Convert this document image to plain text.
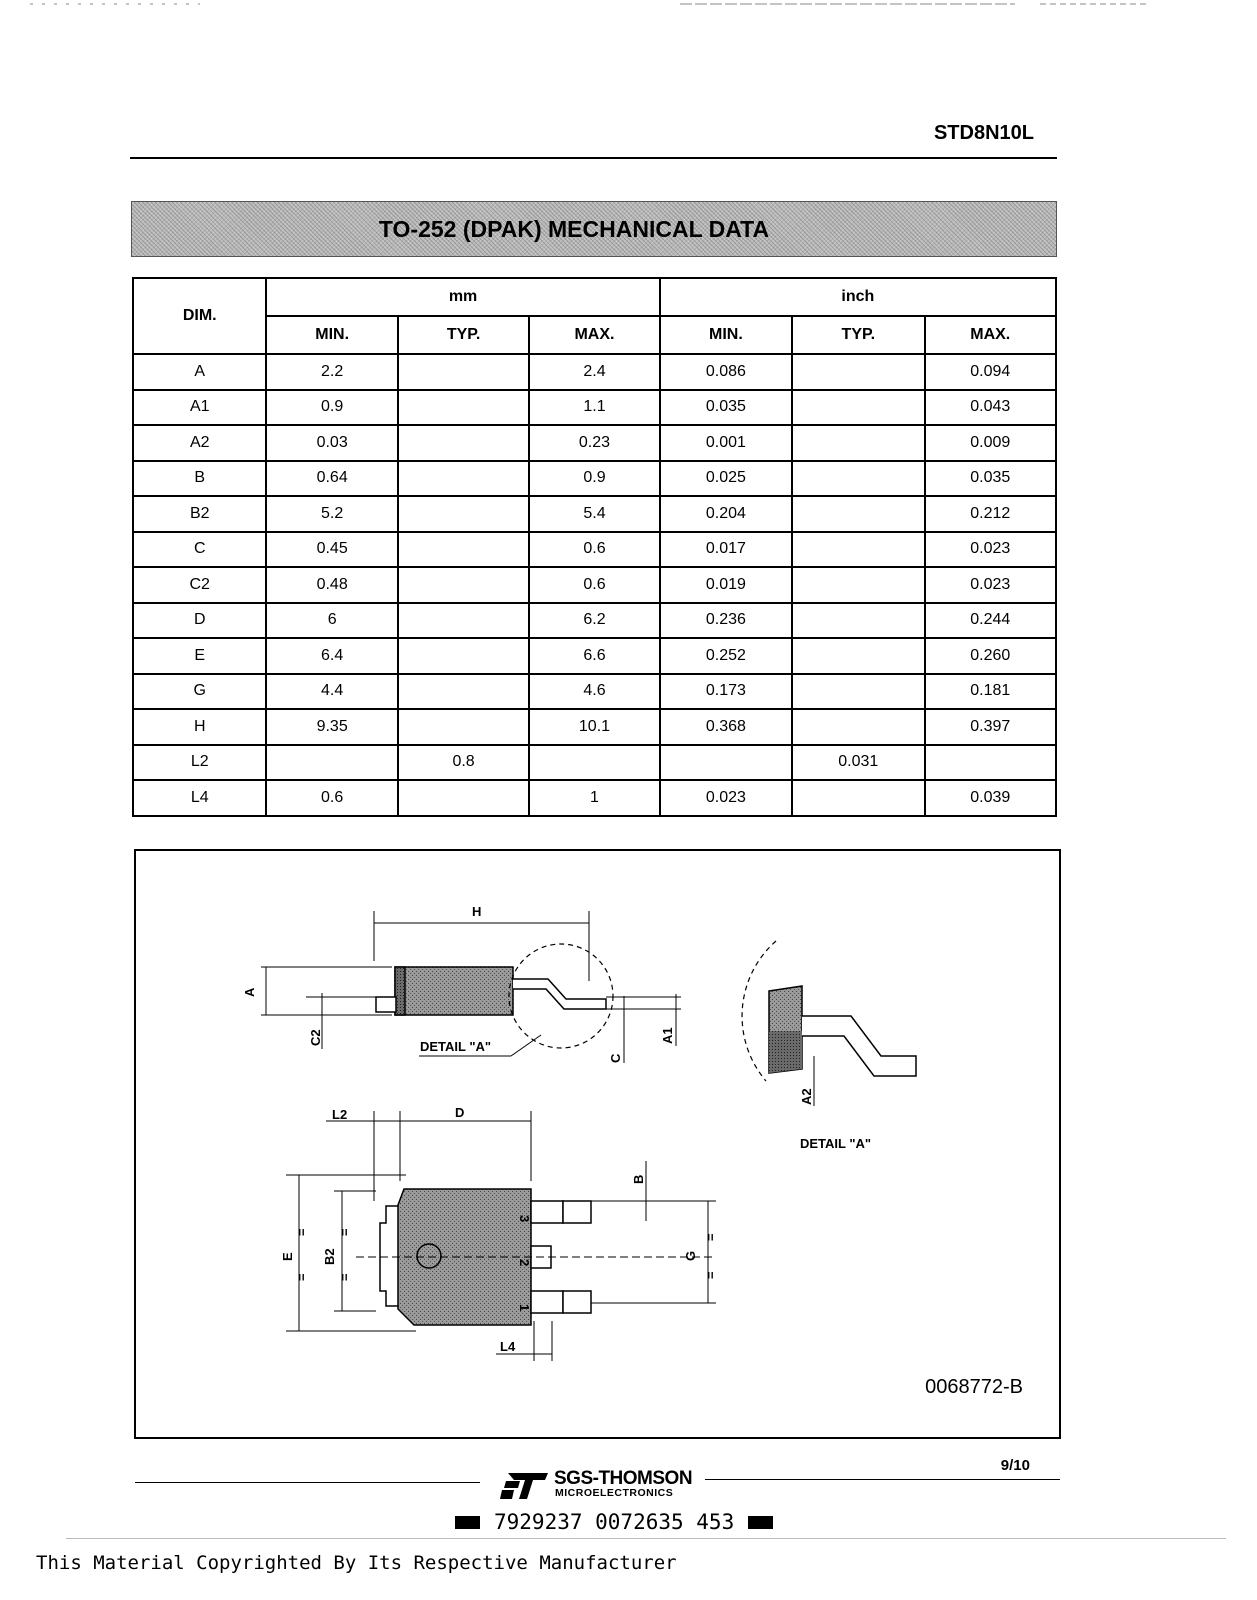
STD8N10L
TO-252 (DPAK) MECHANICAL DATA
DIM.	mm			inch		
	MIN.	TYP.	MAX.	MIN.	TYP.	MAX.
A	2.2		2.4	0.086		0.094
A1	0.9		1.1	0.035		0.043
A2	0.03		0.23	0.001		0.009
B	0.64		0.9	0.025		0.035
B2	5.2		5.4	0.204		0.212
C	0.45		0.6	0.017		0.023
C2	0.48		0.6	0.019		0.023
D	6		6.2	0.236		0.244
E	6.4		6.6	0.252		0.260
G	4.4		4.6	0.173		0.181
H	9.35		10.1	0.368		0.397
L2		0.8			0.031	
L4	0.6		1	0.023		0.039
H
A
C2
DETAIL "A"
C
A1
A2
DETAIL "A"
L2	D
B
E B2	G
L4
3
2
1
=
=
=
=
=
=
0068772-B
9/10
SGS-THOMSON
MICROELECTRONICS
7929237 0072635 453
This Material Copyrighted By Its Respective Manufacturer
